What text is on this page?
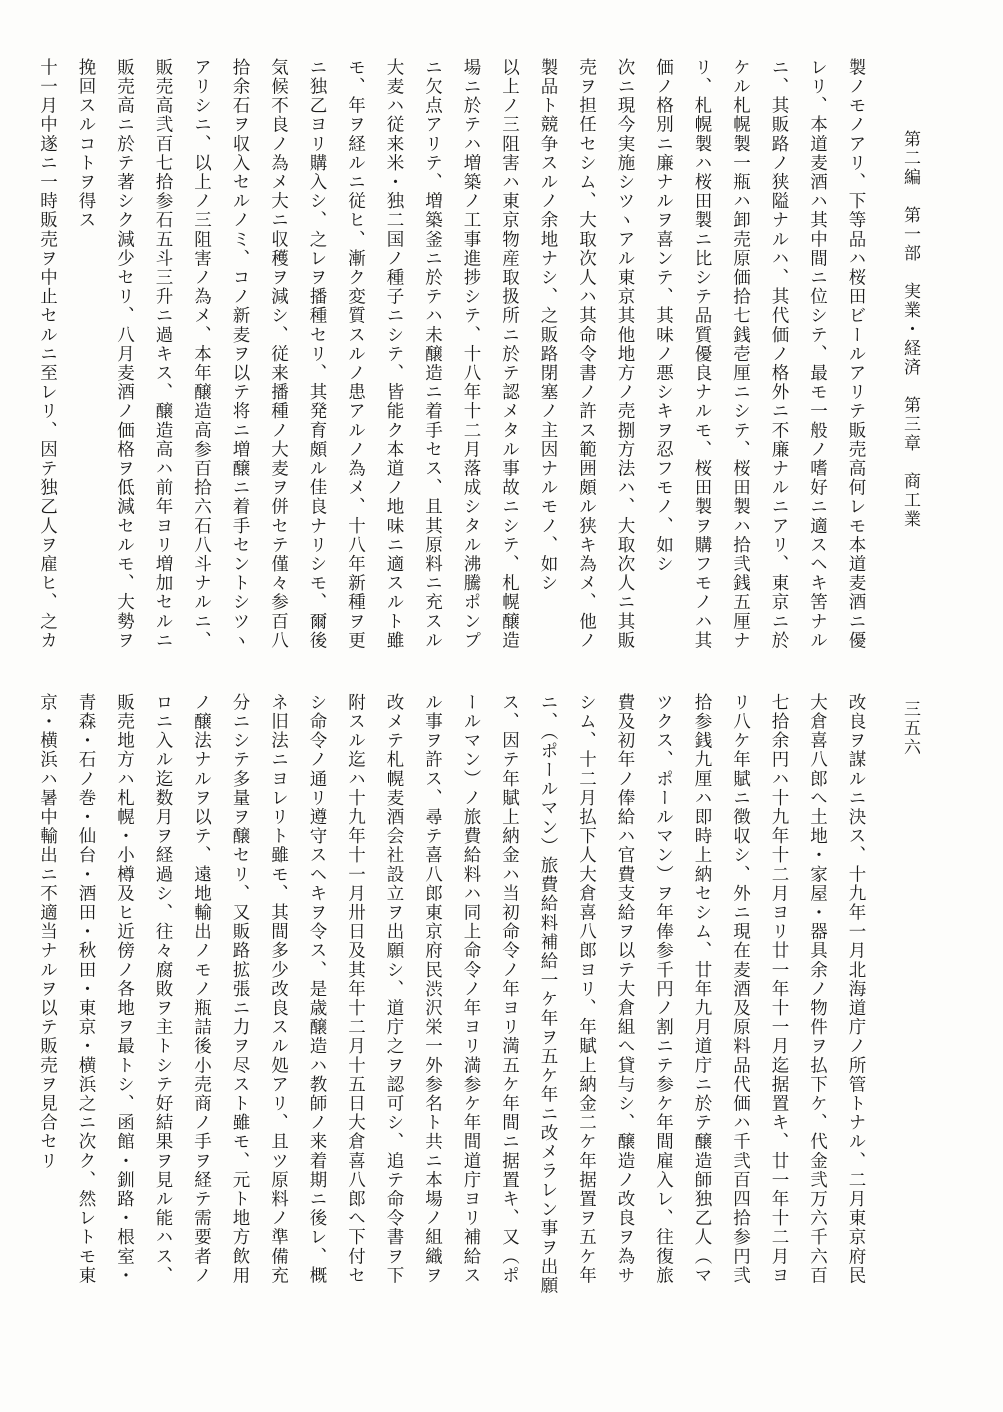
第二編　第一部　実業・経済　第三章　商工業
三五六
製ノモノアリ、下等品ハ桜田ビールアリテ販売高何レモ本道麦酒ニ優
レリ、本道麦酒ハ其中間ニ位シテ、最モ一般ノ嗜好ニ適スヘキ筈ナル
ニ、其販路ノ狭隘ナルハ、其代価ノ格外ニ不廉ナルニアリ、東京ニ於
ケル札幌製一瓶ハ卸売原価拾七銭壱厘ニシテ、桜田製ハ拾弐銭五厘ナ
リ、札幌製ハ桜田製ニ比シテ品質優良ナルモ、桜田製ヲ購フモノハ其
価ノ格別ニ廉ナルヲ喜ンテ、其味ノ悪シキヲ忍フモノ、如シ
次ニ現今実施シツヽアル東京其他地方ノ売捌方法ハ、大取次人ニ其販
売ヲ担任セシム、大取次人ハ其命令書ノ許ス範囲頗ル狭キ為メ、他ノ
製品ト競争スルノ余地ナシ、之販路閉塞ノ主因ナルモノ、如シ
以上ノ三阻害ハ東京物産取扱所ニ於テ認メタル事故ニシテ、札幌醸造
場ニ於テハ増築ノ工事進捗シテ、十八年十二月落成シタル沸騰ポンプ
ニ欠点アリテ、増築釜ニ於テハ未醸造ニ着手セス、且其原料ニ充スル
大麦ハ従来米・独二国ノ種子ニシテ、皆能ク本道ノ地味ニ適スルト雖
モ、年ヲ経ルニ従ヒ、漸ク変質スルノ患アルノ為メ、十八年新種ヲ更
ニ独乙ヨリ購入シ、之レヲ播種セリ、其発育頗ル佳良ナリシモ、爾後
気候不良ノ為メ大ニ収穫ヲ減シ、従来播種ノ大麦ヲ併セテ僅々参百八
拾余石ヲ収入セルノミ、コノ新麦ヲ以テ将ニ増醸ニ着手セントシツヽ
アリシニ、以上ノ三阻害ノ為メ、本年醸造高参百拾六石八斗ナルニ、
販売高弐百七拾参石五斗三升ニ過キス、醸造高ハ前年ヨリ増加セルニ
販売高ニ於テ著シク減少セリ、八月麦酒ノ価格ヲ低減セルモ、大勢ヲ
挽回スルコトヲ得ス
十一月中遂ニ一時販売ヲ中止セルニ至レリ、因テ独乙人ヲ雇ヒ、之カ
改良ヲ謀ルニ決ス、十九年一月北海道庁ノ所管トナル、二月東京府民
大倉喜八郎へ土地・家屋・器具余ノ物件ヲ払下ケ、代金弐万六千六百
七拾余円ハ十九年十二月ヨリ廿一年十一月迄据置キ、廿一年十二月ヨ
リ八ケ年賦ニ徴収シ、外ニ現在麦酒及原料品代価ハ千弐百四拾参円弐
拾参銭九厘ハ即時上納セシム、廿年九月道庁ニ於テ醸造師独乙人（マ
ツクス、ポールマン）ヲ年俸参千円ノ割ニテ参ケ年間雇入レ、往復旅
費及初年ノ俸給ハ官費支給ヲ以テ大倉組へ貸与シ、醸造ノ改良ヲ為サ
シム、十二月払下人大倉喜八郎ヨリ、年賦上納金二ケ年据置ヲ五ケ年
ニ、（ポールマン）旅費給料補給一ケ年ヲ五ケ年ニ改メラレン事ヲ出願
ス、因テ年賦上納金ハ当初命令ノ年ヨリ満五ケ年間ニ据置キ、又（ポ
ールマン）ノ旅費給料ハ同上命令ノ年ヨリ満参ケ年間道庁ヨリ補給ス
ル事ヲ許ス、尋テ喜八郎東京府民渋沢栄一外参名ト共ニ本場ノ組織ヲ
改メテ札幌麦酒会社設立ヲ出願シ、道庁之ヲ認可シ、追テ命令書ヲ下
附スル迄ハ十九年十一月卅日及其年十二月十五日大倉喜八郎へ下付セ
シ命令ノ通リ遵守スヘキヲ令ス、是歳醸造ハ教師ノ来着期ニ後レ、概
ネ旧法ニヨレリト雖モ、其間多少改良スル処アリ、且ツ原料ノ準備充
分ニシテ多量ヲ醸セリ、又販路拡張ニ力ヲ尽スト雖モ、元ト地方飲用
ノ醸法ナルヲ以テ、遠地輸出ノモノ瓶詰後小売商ノ手ヲ経テ需要者ノ
ロニ入ル迄数月ヲ経過シ、往々腐敗ヲ主トシテ好結果ヲ見ル能ハス、
販売地方ハ札幌・小樽及ヒ近傍ノ各地ヲ最トシ、函館・釧路・根室・
青森・石ノ巻・仙台・酒田・秋田・東京・横浜之ニ次ク、然レトモ東
京・横浜ハ暑中輸出ニ不適当ナルヲ以テ販売ヲ見合セリ
